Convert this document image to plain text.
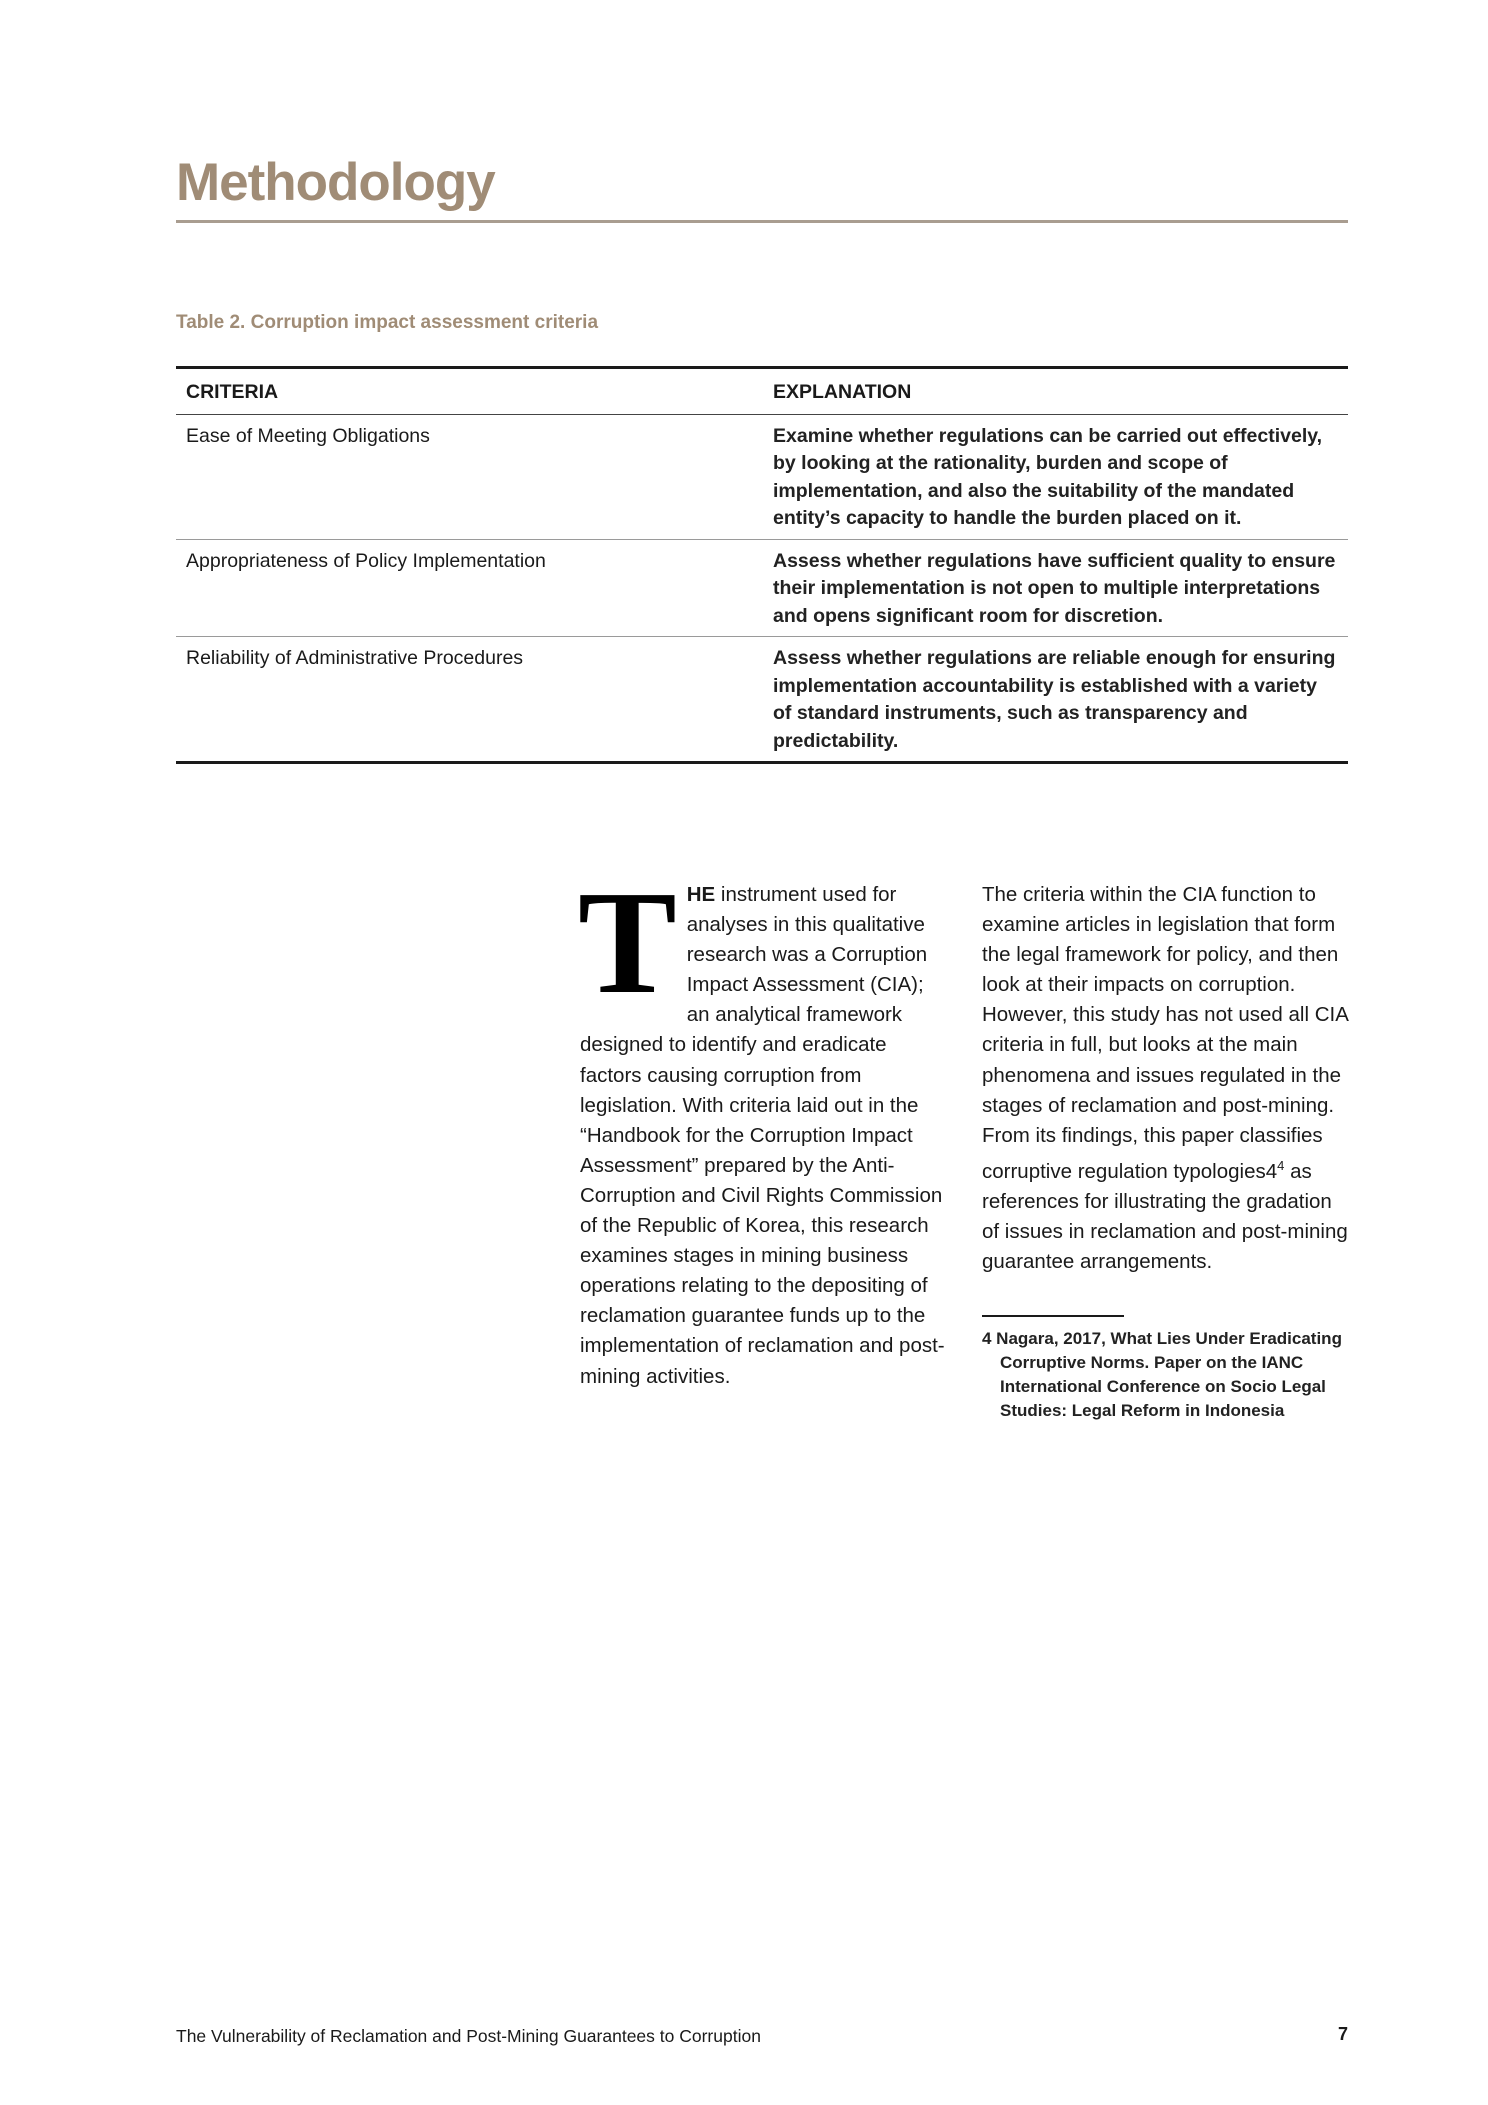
Methodology
Table 2. Corruption impact assessment criteria
CRITERIA	EXPLANATION
Ease of Meeting Obligations	Examine whether regulations can be carried out effectively, by looking at the rationality, burden and scope of implementation, and also the suitability of the mandated entity’s capacity to handle the burden placed on it.
Appropriateness of Policy Implementation	Assess whether regulations have sufficient quality to ensure their implementation is not open to multiple interpretations and opens significant room for discretion.
Reliability of Administrative Procedures	Assess whether regulations are reliable enough for ensuring implementation accountability is established with a variety of standard instruments, such as transparency and predictability.

THE instrument used for analyses in this qualitative research was a Corruption Impact Assessment (CIA); an analytical framework designed to identify and eradicate factors causing corruption from legislation. With criteria laid out in the “Handbook for the Corruption Impact Assessment” prepared by the Anti-Corruption and Civil Rights Commission of the Republic of Korea, this research examines stages in mining business operations relating to the depositing of reclamation guarantee funds up to the implementation of reclamation and post-mining activities.

The criteria within the CIA function to examine articles in legislation that form the legal framework for policy, and then look at their impacts on corruption. However, this study has not used all CIA criteria in full, but looks at the main phenomena and issues regulated in the stages of reclamation and post-mining. From its findings, this paper classifies corruptive regulation $typologies4^4$ as references for illustrating the gradation of issues in reclamation and post-mining guarantee arrangements.

4 Nagara, 2017, What Lies Under Eradicating Corruptive Norms. Paper on the IANC International Conference on Socio Legal Studies: Legal Reform in Indonesia
The Vulnerability of Reclamation and Post-Mining Guarantees to Corruption	7
